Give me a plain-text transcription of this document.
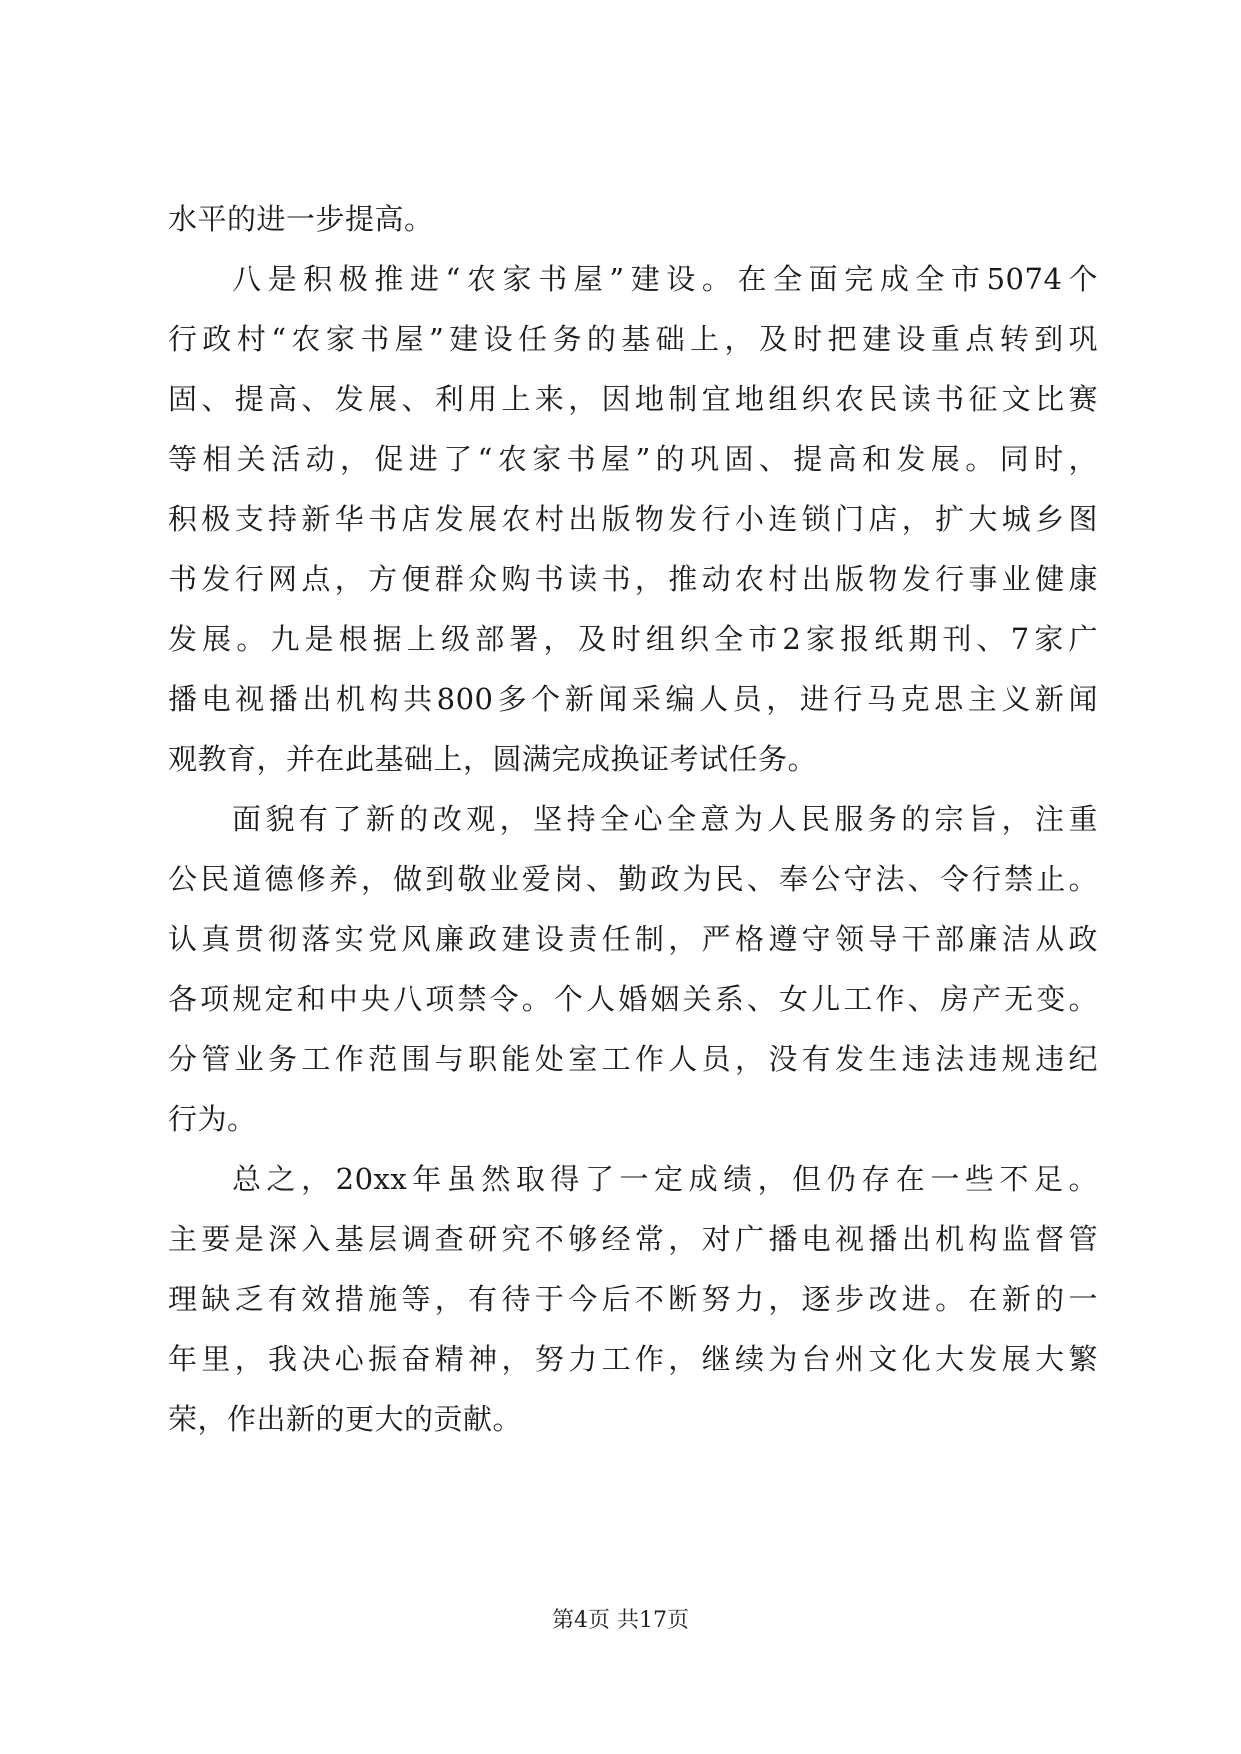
水平的进一步提高。
八是积极推进“农家书屋”建设。在全面完成全市5074个
行政村“农家书屋”建设任务的基础上，及时把建设重点转到巩
固、提高、发展、利用上来，因地制宜地组织农民读书征文比赛
等相关活动，促进了“农家书屋”的巩固、提高和发展。同时，
积极支持新华书店发展农村出版物发行小连锁门店，扩大城乡图
书发行网点，方便群众购书读书，推动农村出版物发行事业健康
发展。九是根据上级部署，及时组织全市2家报纸期刊、7家广
播电视播出机构共800多个新闻采编人员，进行马克思主义新闻
观教育，并在此基础上，圆满完成换证考试任务。
面貌有了新的改观，坚持全心全意为人民服务的宗旨，注重
公民道德修养，做到敬业爱岗、勤政为民、奉公守法、令行禁止。
认真贯彻落实党风廉政建设责任制，严格遵守领导干部廉洁从政
各项规定和中央八项禁令。个人婚姻关系、女儿工作、房产无变。
分管业务工作范围与职能处室工作人员，没有发生违法违规违纪
行为。
总之，20xx年虽然取得了一定成绩，但仍存在一些不足。
主要是深入基层调查研究不够经常，对广播电视播出机构监督管
理缺乏有效措施等，有待于今后不断努力，逐步改进。在新的一
年里，我决心振奋精神，努力工作，继续为台州文化大发展大繁
荣，作出新的更大的贡献。
第4页 共17页
